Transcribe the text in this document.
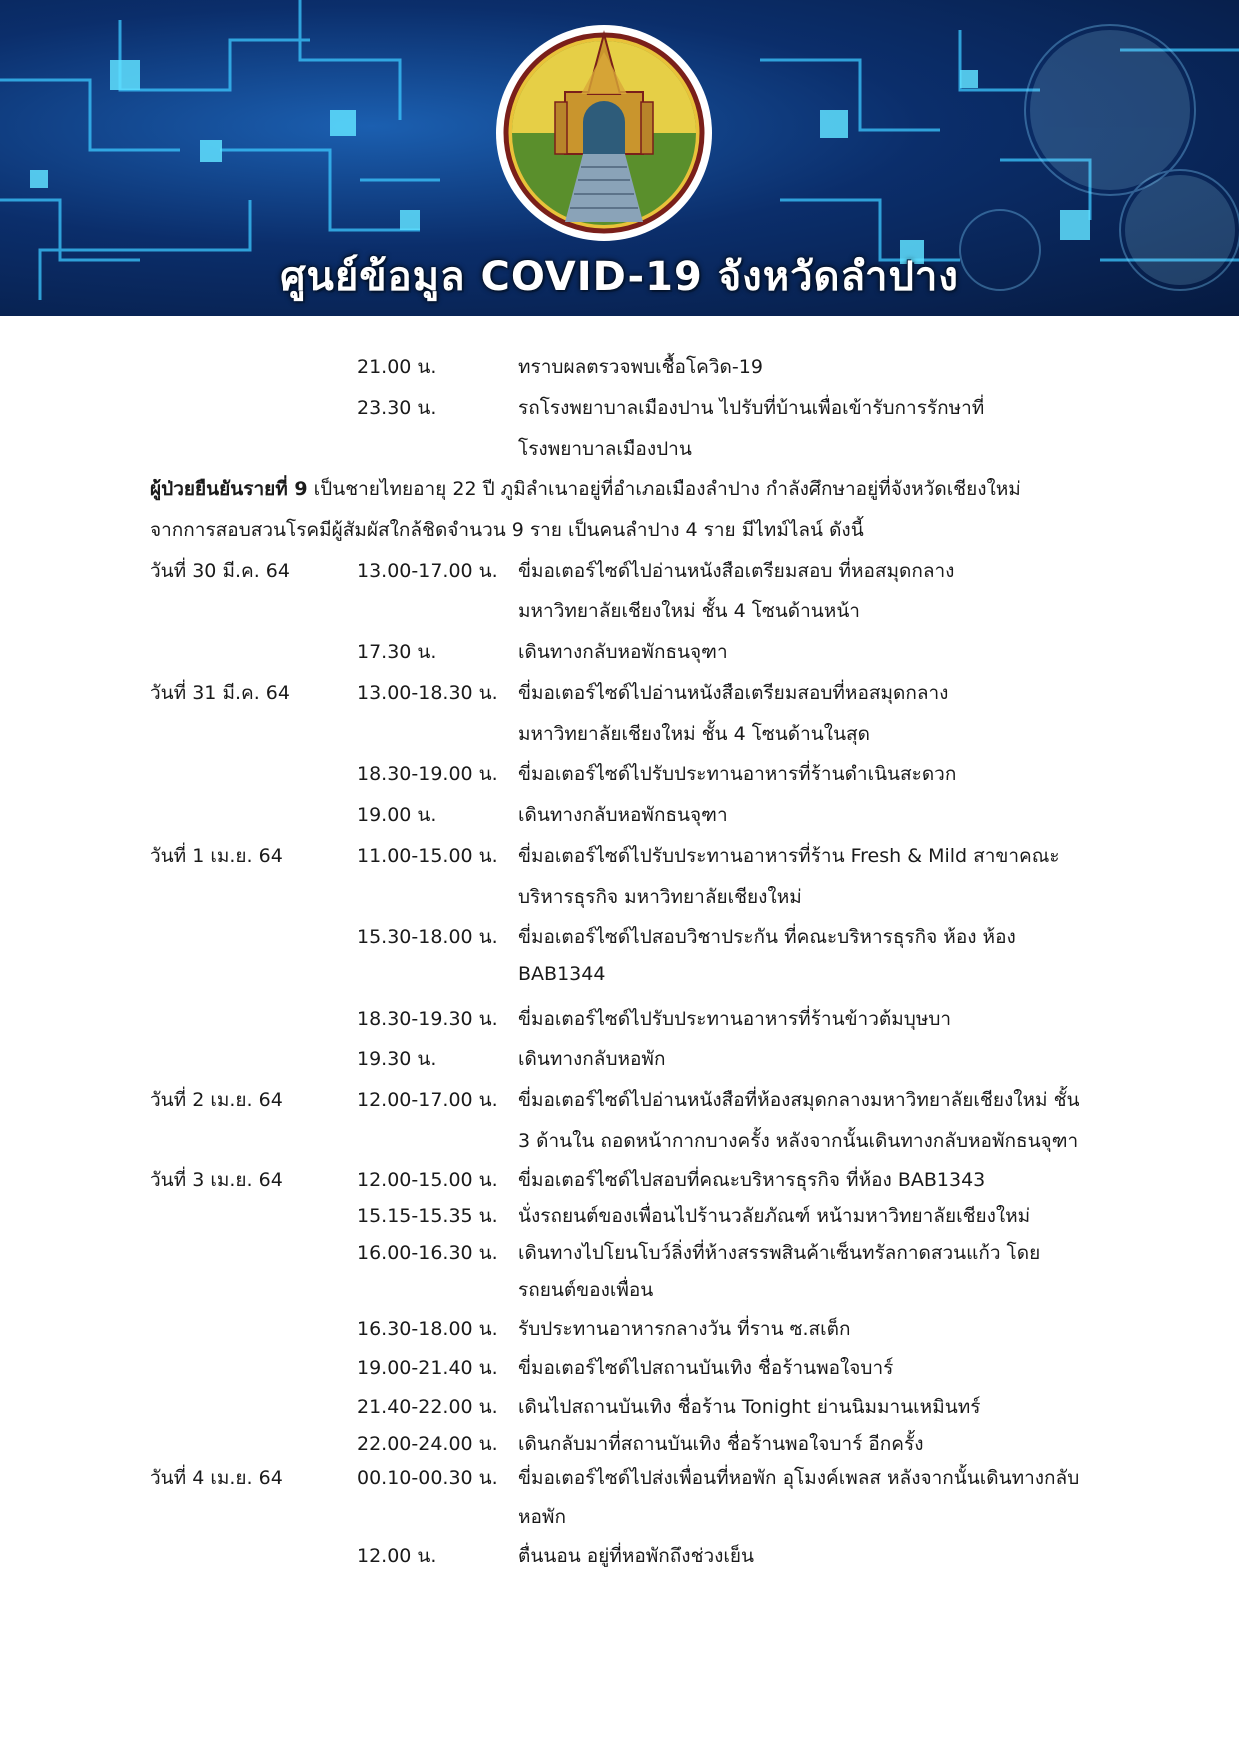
ศูนย์ข้อมูล COVID-19 จังหวัดลำปาง
21.00 น.	ทราบผลตรวจพบเชื้อโควิด-19
23.30 น.	รถโรงพยาบาลเมืองปาน ไปรับที่บ้านเพื่อเข้ารับการรักษาที่
โรงพยาบาลเมืองปาน
ผู้ป่วยยืนยันรายที่ 9 เป็นชายไทยอายุ 22 ปี ภูมิลำเนาอยู่ที่อำเภอเมืองลำปาง กำลังศึกษาอยู่ที่จังหวัดเชียงใหม่
จากการสอบสวนโรคมีผู้สัมผัสใกล้ชิดจำนวน 9 ราย เป็นคนลำปาง 4 ราย มีไทม์ไลน์ ดังนี้
วันที่ 30 มี.ค. 64	13.00-17.00 น. ขี่มอเตอร์ไซด์ไปอ่านหนังสือเตรียมสอบ ที่หอสมุดกลาง
มหาวิทยาลัยเชียงใหม่ ชั้น 4 โซนด้านหน้า
17.30 น.	เดินทางกลับหอพักธนจุฑา
วันที่ 31 มี.ค. 64	13.00-18.30 น. ขี่มอเตอร์ไซด์ไปอ่านหนังสือเตรียมสอบที่หอสมุดกลาง
มหาวิทยาลัยเชียงใหม่ ชั้น 4 โซนด้านในสุด
18.30-19.00 น. ขี่มอเตอร์ไซด์ไปรับประทานอาหารที่ร้านดำเนินสะดวก
19.00 น.	เดินทางกลับหอพักธนจุฑา
วันที่ 1 เม.ย. 64	11.00-15.00 น. ขี่มอเตอร์ไซด์ไปรับประทานอาหารที่ร้าน Fresh & Mild สาขาคณะ
บริหารธุรกิจ มหาวิทยาลัยเชียงใหม่
15.30-18.00 น. ขี่มอเตอร์ไซด์ไปสอบวิชาประกัน ที่คณะบริหารธุรกิจ ห้อง ห้อง
BAB1344
18.30-19.30 น. ขี่มอเตอร์ไซด์ไปรับประทานอาหารที่ร้านข้าวต้มบุษบา
19.30 น.	เดินทางกลับหอพัก
วันที่ 2 เม.ย. 64	12.00-17.00 น. ขี่มอเตอร์ไซด์ไปอ่านหนังสือที่ห้องสมุดกลางมหาวิทยาลัยเชียงใหม่ ชั้น
3 ด้านใน ถอดหน้ากากบางครั้ง หลังจากนั้นเดินทางกลับหอพักธนจุฑา
วันที่ 3 เม.ย. 64	12.00-15.00 น. ขี่มอเตอร์ไซด์ไปสอบที่คณะบริหารธุรกิจ ที่ห้อง BAB1343
15.15-15.35 น. นั่งรถยนต์ของเพื่อนไปร้านวลัยภัณฑ์ หน้ามหาวิทยาลัยเชียงใหม่
16.00-16.30 น. เดินทางไปโยนโบว์ลิ่งที่ห้างสรรพสินค้าเซ็นทรัลกาดสวนแก้ว โดย
รถยนต์ของเพื่อน
16.30-18.00 น. รับประทานอาหารกลางวัน ที่ราน ซ.สเต็ก
19.00-21.40 น. ขี่มอเตอร์ไซด์ไปสถานบันเทิง ชื่อร้านพอใจบาร์
21.40-22.00 น. เดินไปสถานบันเทิง ชื่อร้าน Tonight ย่านนิมมานเหมินทร์
22.00-24.00 น. เดินกลับมาที่สถานบันเทิง ชื่อร้านพอใจบาร์ อีกครั้ง
วันที่ 4 เม.ย. 64	00.10-00.30 น. ขี่มอเตอร์ไซด์ไปส่งเพื่อนที่หอพัก อุโมงค์เพลส หลังจากนั้นเดินทางกลับ
หอพัก
12.00 น.	ตื่นนอน อยู่ที่หอพักถึงช่วงเย็น
